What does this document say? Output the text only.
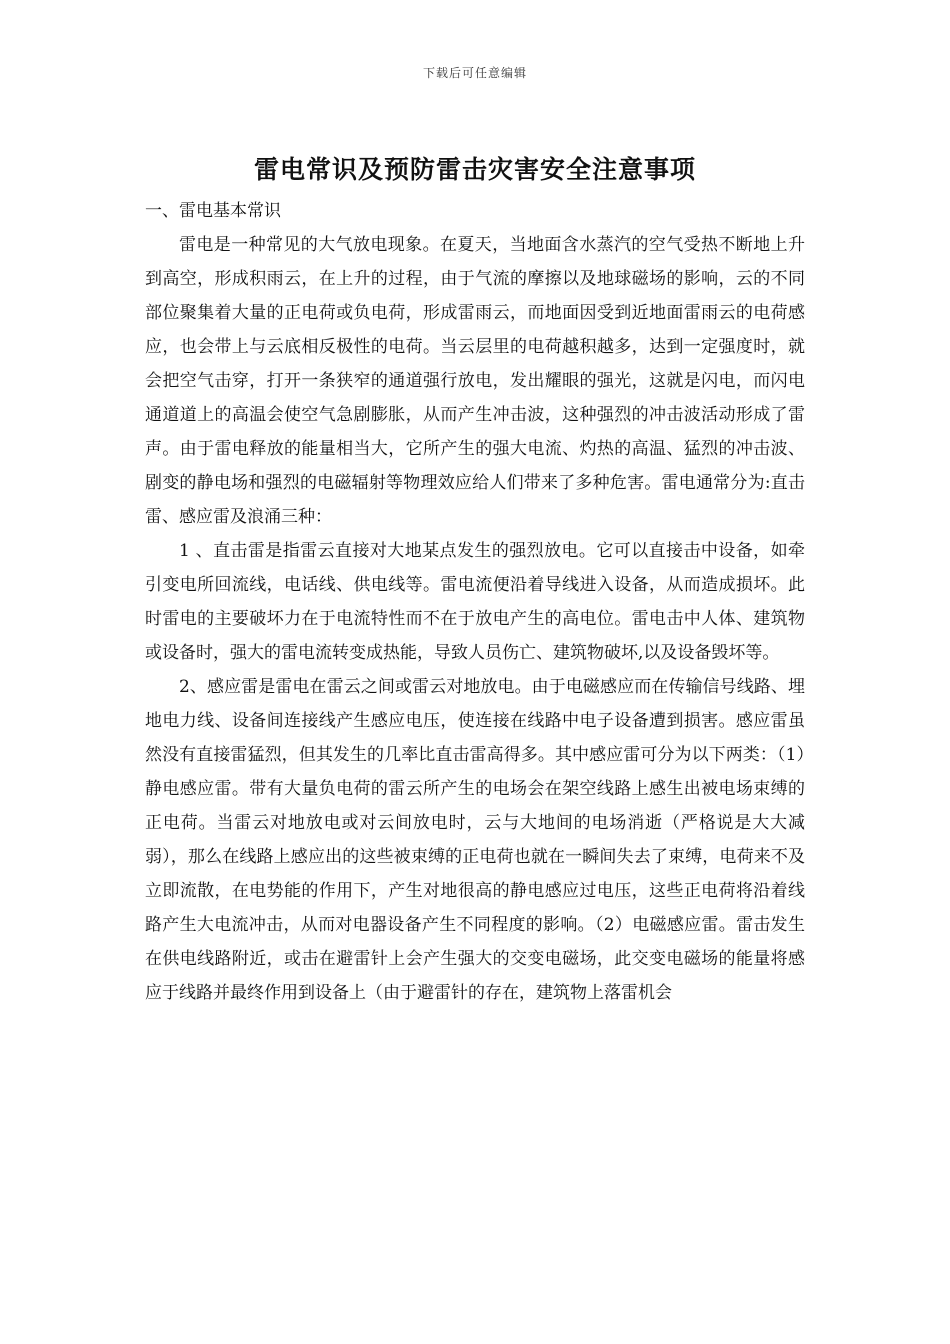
下载后可任意编辑
雷电常识及预防雷击灾害安全注意事项
一、雷电基本常识

雷电是一种常见的大气放电现象。在夏天，当地面含水蒸汽的空气受热不断地上升到高空，形成积雨云，在上升的过程，由于气流的摩擦以及地球磁场的影响，云的不同部位聚集着大量的正电荷或负电荷，形成雷雨云，而地面因受到近地面雷雨云的电荷感应，也会带上与云底相反极性的电荷。当云层里的电荷越积越多，达到一定强度时，就会把空气击穿，打开一条狭窄的通道强行放电，发出耀眼的强光，这就是闪电，而闪电通道道上的高温会使空气急剧膨胀，从而产生冲击波，这种强烈的冲击波活动形成了雷声。由于雷电释放的能量相当大，它所产生的强大电流、灼热的高温、猛烈的冲击波、剧变的静电场和强烈的电磁辐射等物理效应给人们带来了多种危害。雷电通常分为:直击雷、感应雷及浪涌三种：

1 、直击雷是指雷云直接对大地某点发生的强烈放电。它可以直接击中设备，如牵引变电所回流线，电话线、供电线等。雷电流便沿着导线进入设备，从而造成损坏。此时雷电的主要破坏力在于电流特性而不在于放电产生的高电位。雷电击中人体、建筑物或设备时，强大的雷电流转变成热能，导致人员伤亡、建筑物破坏,以及设备毁坏等。

2、感应雷是雷电在雷云之间或雷云对地放电。由于电磁感应而在传输信号线路、埋地电力线、设备间连接线产生感应电压，使连接在线路中电子设备遭到损害。感应雷虽然没有直接雷猛烈，但其发生的几率比直击雷高得多。其中感应雷可分为以下两类：（1）静电感应雷。带有大量负电荷的雷云所产生的电场会在架空线路上感生出被电场束缚的正电荷。当雷云对地放电或对云间放电时，云与大地间的电场消逝（严格说是大大减弱），那么在线路上感应出的这些被束缚的正电荷也就在一瞬间失去了束缚，电荷来不及立即流散，在电势能的作用下，产生对地很高的静电感应过电压，这些正电荷将沿着线路产生大电流冲击，从而对电器设备产生不同程度的影响。（2）电磁感应雷。雷击发生在供电线路附近，或击在避雷针上会产生强大的交变电磁场，此交变电磁场的能量将感应于线路并最终作用到设备上（由于避雷针的存在，建筑物上落雷机会
